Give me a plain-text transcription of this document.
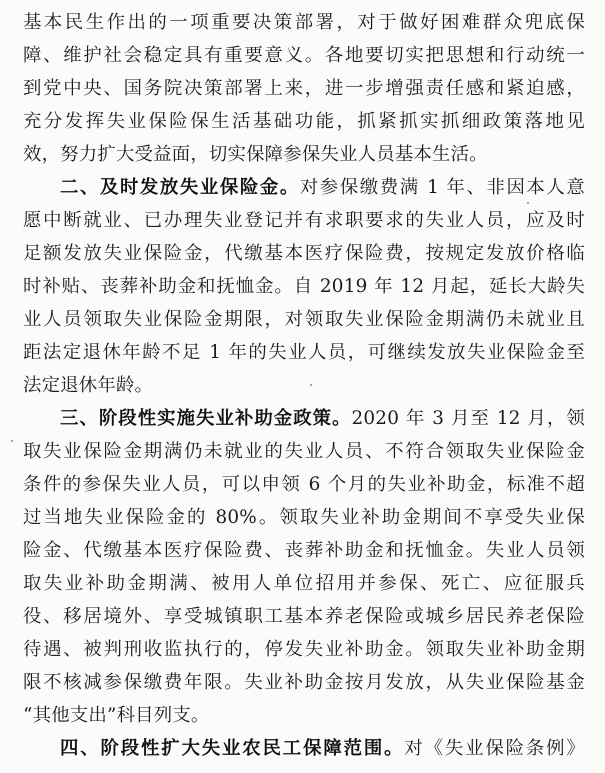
基本民生作出的一项重要决策部署，对于做好困难群众兜底保
障、维护社会稳定具有重要意义。各地要切实把思想和行动统一
到党中央、国务院决策部署上来，进一步增强责任感和紧迫感，
充分发挥失业保险保生活基础功能，抓紧抓实抓细政策落地见
效，努力扩大受益面，切实保障参保失业人员基本生活。
二、及时发放失业保险金。对参保缴费满 1 年、非因本人意
愿中断就业、已办理失业登记并有求职要求的失业人员，应及时
足额发放失业保险金，代缴基本医疗保险费，按规定发放价格临
时补贴、丧葬补助金和抚恤金。自 2019 年 12 月起，延长大龄失
业人员领取失业保险金期限，对领取失业保险金期满仍未就业且
距法定退休年龄不足 1 年的失业人员，可继续发放失业保险金至
法定退休年龄。
三、阶段性实施失业补助金政策。2020 年 3 月至 12 月，领
取失业保险金期满仍未就业的失业人员、不符合领取失业保险金
条件的参保失业人员，可以申领 6 个月的失业补助金，标准不超
过当地失业保险金的 80%。领取失业补助金期间不享受失业保
险金、代缴基本医疗保险费、丧葬补助金和抚恤金。失业人员领
取失业补助金期满、被用人单位招用并参保、死亡、应征服兵
役、移居境外、享受城镇职工基本养老保险或城乡居民养老保险
待遇、被判刑收监执行的，停发失业补助金。领取失业补助金期
限不核减参保缴费年限。失业补助金按月发放，从失业保险基金
“其他支出”科目列支。
四、阶段性扩大失业农民工保障范围。对《失业保险条例》
